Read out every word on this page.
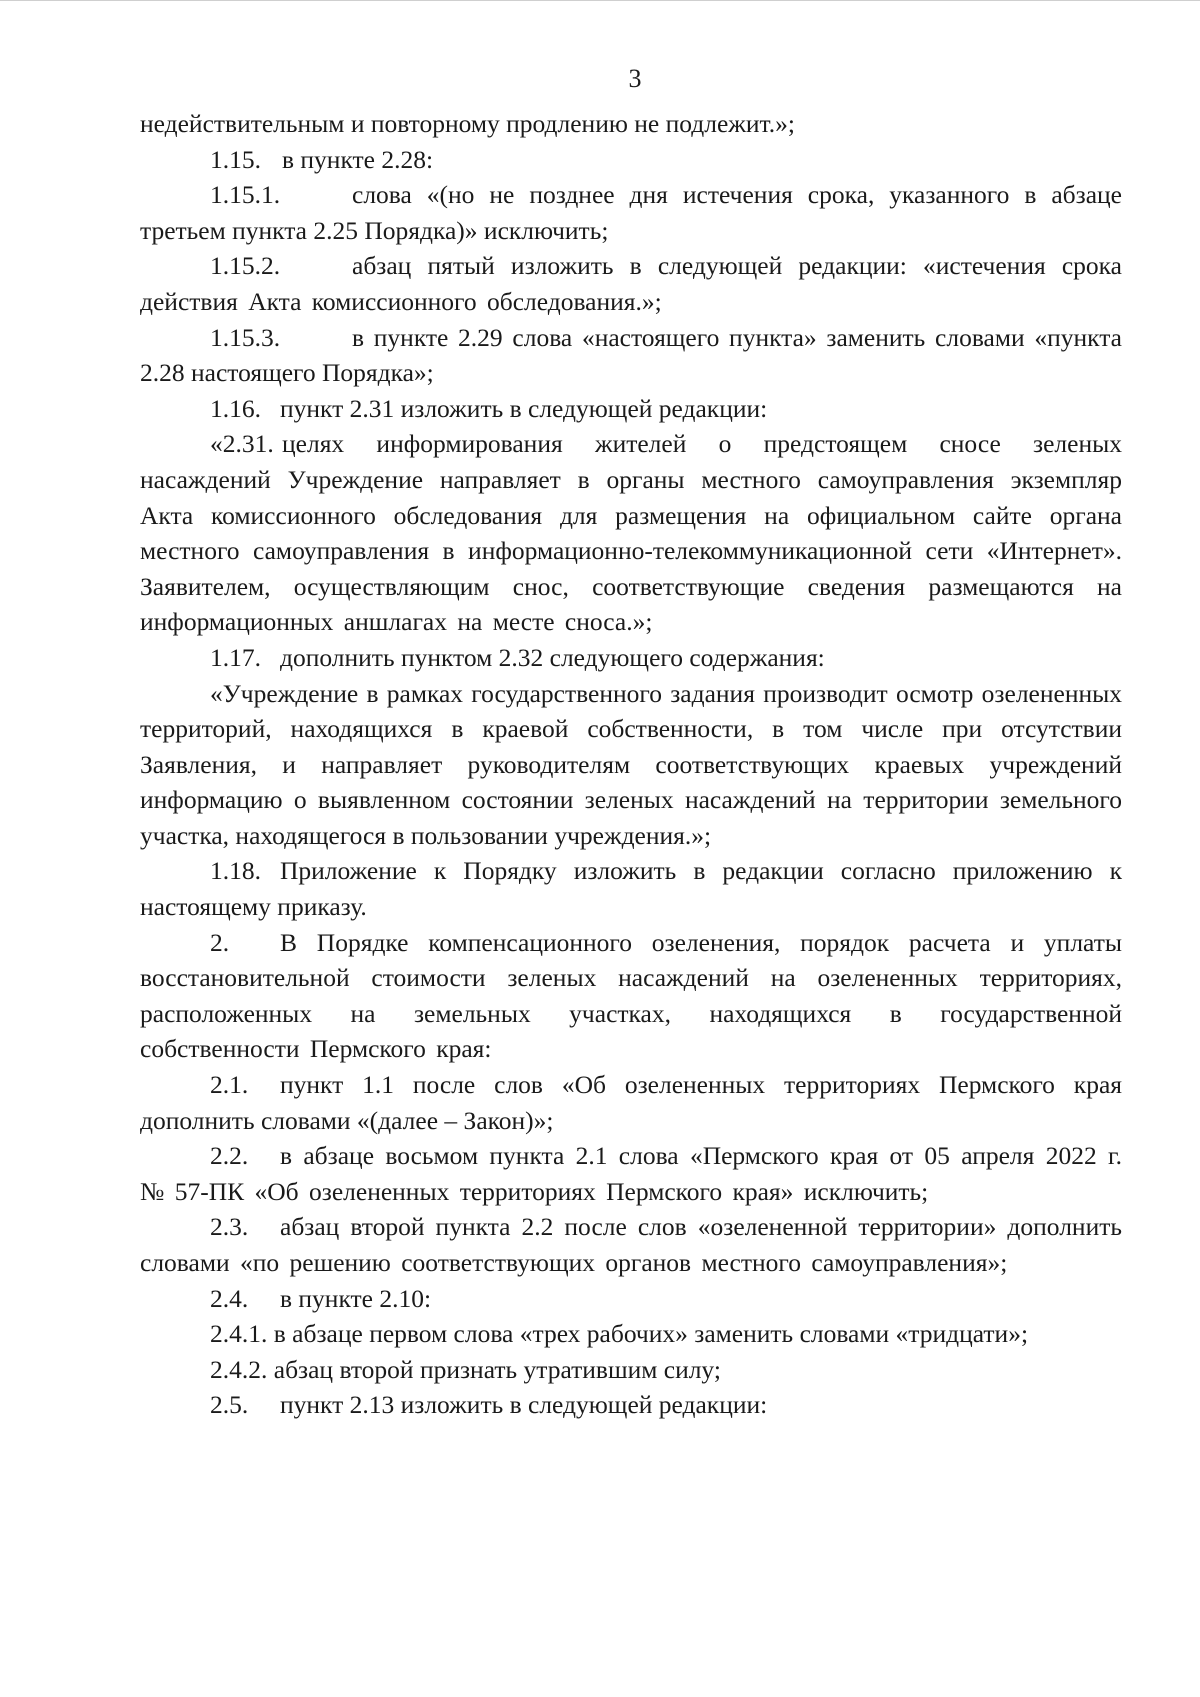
3

недействительным и повторному продлению не подлежит.»;

1.15. в пункте 2.28:

1.15.1.	слова «(но не позднее дня истечения срока, указанного в абзаце третьем пункта 2.25 Порядка)» исключить;

1.15.2.	абзац пятый изложить в следующей редакции: «истечения срока действия Акта комиссионного обследования.»;

1.15.3.	в пункте 2.29 слова «настоящего пункта» заменить словами «пункта 2.28 настоящего Порядка»;

1.16. пункт 2.31 изложить в следующей редакции:

«2.31. целях информирования жителей о предстоящем сносе зеленых насаждений Учреждение направляет в органы местного самоуправления экземпляр Акта комиссионного обследования для размещения на официальном сайте органа местного самоуправления в информационно-телекоммуникационной сети «Интернет». Заявителем, осуществляющим снос, соответствующие сведения размещаются на информационных аншлагах на месте сноса.»;

1.17. дополнить пунктом 2.32 следующего содержания:

«Учреждение в рамках государственного задания производит осмотр озелененных территорий, находящихся в краевой собственности, в том числе при отсутствии Заявления, и направляет руководителям соответствующих краевых учреждений информацию о выявленном состоянии зеленых насаждений на территории земельного участка, находящегося в пользовании учреждения.»;

1.18. Приложение к Порядку изложить в редакции согласно приложению к настоящему приказу.

2. В Порядке компенсационного озеленения, порядок расчета и уплаты восстановительной стоимости зеленых насаждений на озелененных территориях, расположенных на земельных участках, находящихся в государственной собственности Пермского края:

2.1. пункт 1.1 после слов «Об озелененных территориях Пермского края дополнить словами «(далее – Закон)»;

2.2. в абзаце восьмом пункта 2.1 слова «Пермского края от 05 апреля 2022 г. № 57-ПК «Об озелененных территориях Пермского края» исключить;

2.3. абзац второй пункта 2.2 после слов «озелененной территории» дополнить словами «по решению соответствующих органов местного самоуправления»;

2.4. в пункте 2.10:

2.4.1. в абзаце первом слова «трех рабочих» заменить словами «тридцати»;

2.4.2. абзац второй признать утратившим силу;

2.5. пункт 2.13 изложить в следующей редакции:
